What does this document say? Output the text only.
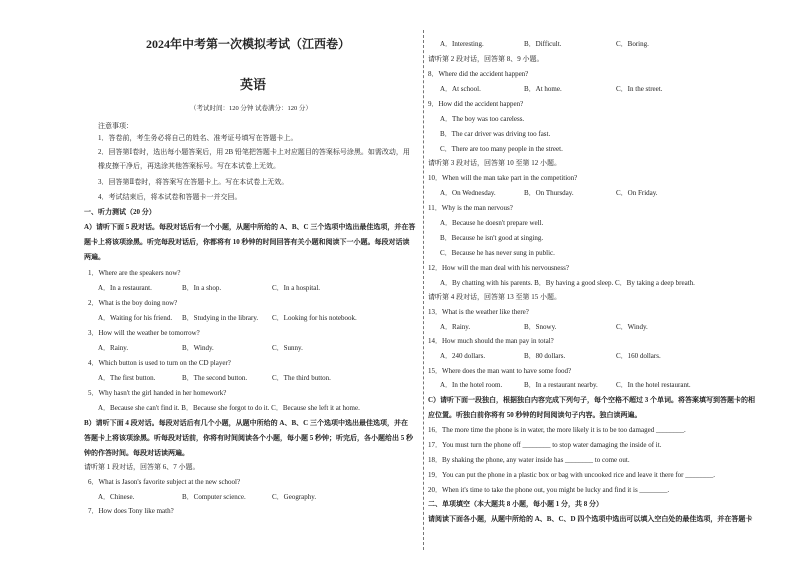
2024年中考第一次模拟考试（江西卷）
英语
（考试时间：120 分钟 试卷满分：120 分）
注意事项：
1．答卷前，考生务必将自己的姓名、准考证号填写在答题卡上。
2．回答第Ⅰ卷时，选出每小题答案后，用 2B 铅笔把答题卡上对应题目的答案标号涂黑。如需改动，用
橡皮擦干净后，再选涂其他答案标号。写在本试卷上无效。
3．回答第Ⅱ卷时，将答案写在答题卡上。写在本试卷上无效。
4．考试结束后，将本试卷和答题卡一并交回。
一、听力测试（20 分）
A）请听下面 5 段对话。每段对话后有一个小题，从题中所给的 A、B、C 三个选项中选出最佳选项，并在答
题卡上将该项涂黑。听完每段对话后，你都将有 10 秒钟的时间回答有关小题和阅读下一小题。每段对话读
两遍。
1．Where are the speakers now?
A．In a restaurant.	B．In a shop.	C．In a hospital.
2．What is the boy doing now?
A．Waiting for his friend. B．Studying in the library. C．Looking for his notebook.
3．How will the weather be tomorrow?
A．Rainy.	B．Windy.	C．Sunny.
4．Which button is used to turn on the CD player?
A．The first button.	B．The second button.	C．The third button.
5．Why hasn't the girl handed in her homework?
A．Because she can't find it. B．Because she forgot to do it. C．Because she left it at home.
B）请听下面 4 段对话。每段对话后有几个小题，从题中所给的 A、B、C 三个选项中选出最佳选项，并在
答题卡上将该项涂黑。听每段对话前，你将有时间阅读各个小题，每小题 5 秒钟；听完后，各小题给出 5 秒
钟的作答时间。每段对话读两遍。
请听第 1 段对话，回答第 6、7 小题。
6．What is Jason's favorite subject at the new school?
A．Chinese.	B．Computer science.	C．Geography.
7．How does Tony like math?
A．Interesting.	B．Difficult.	C．Boring.
请听第 2 段对话，回答第 8、9 小题。
8．Where did the accident happen?
A．At school.	B．At home.	C．In the street.
9．How did the accident happen?
A．The boy was too careless.
B．The car driver was driving too fast.
C．There are too many people in the street.
请听第 3 段对话，回答第 10 至第 12 小题。
10．When will the man take part in the competition?
A．On Wednesday.	B．On Thursday.	C．On Friday.
11．Why is the man nervous?
A．Because he doesn't prepare well.
B．Because he isn't good at singing.
C．Because he has never sung in public.
12．How will the man deal with his nervousness?
A．By chatting with his parents. B．By having a good sleep. C．By taking a deep breath.
请听第 4 段对话，回答第 13 至第 15 小题。
13．What is the weather like there?
A．Rainy.	B．Snowy.	C．Windy.
14．How much should the man pay in total?
A．240 dollars.	B．80 dollars.	C．160 dollars.
15．Where does the man want to have some food?
A．In the hotel room.	B．In a restaurant nearby.	C．In the hotel restaurant.
C）请听下面一段独白，根据独白内容完成下列句子，每个空格不超过 3 个单词。将答案填写到答题卡的相
应位置。听独白前你将有 50 秒钟的时间阅读句子内容。独白读两遍。
16．The more time the phone is in water, the more likely it is to be too damaged ________.
17．You must turn the phone off ________ to stop water damaging the inside of it.
18．By shaking the phone, any water inside has ________ to come out.
19．You can put the phone in a plastic box or bag with uncooked rice and leave it there for ________.
20．When it's time to take the phone out, you might be lucky and find it is ________.
二、单项填空（本大题共 8 小题，每小题 1 分，共 8 分）
请阅读下面各小题，从题中所给的 A、B、C、D 四个选项中选出可以填入空白处的最佳选项，并在答题卡
